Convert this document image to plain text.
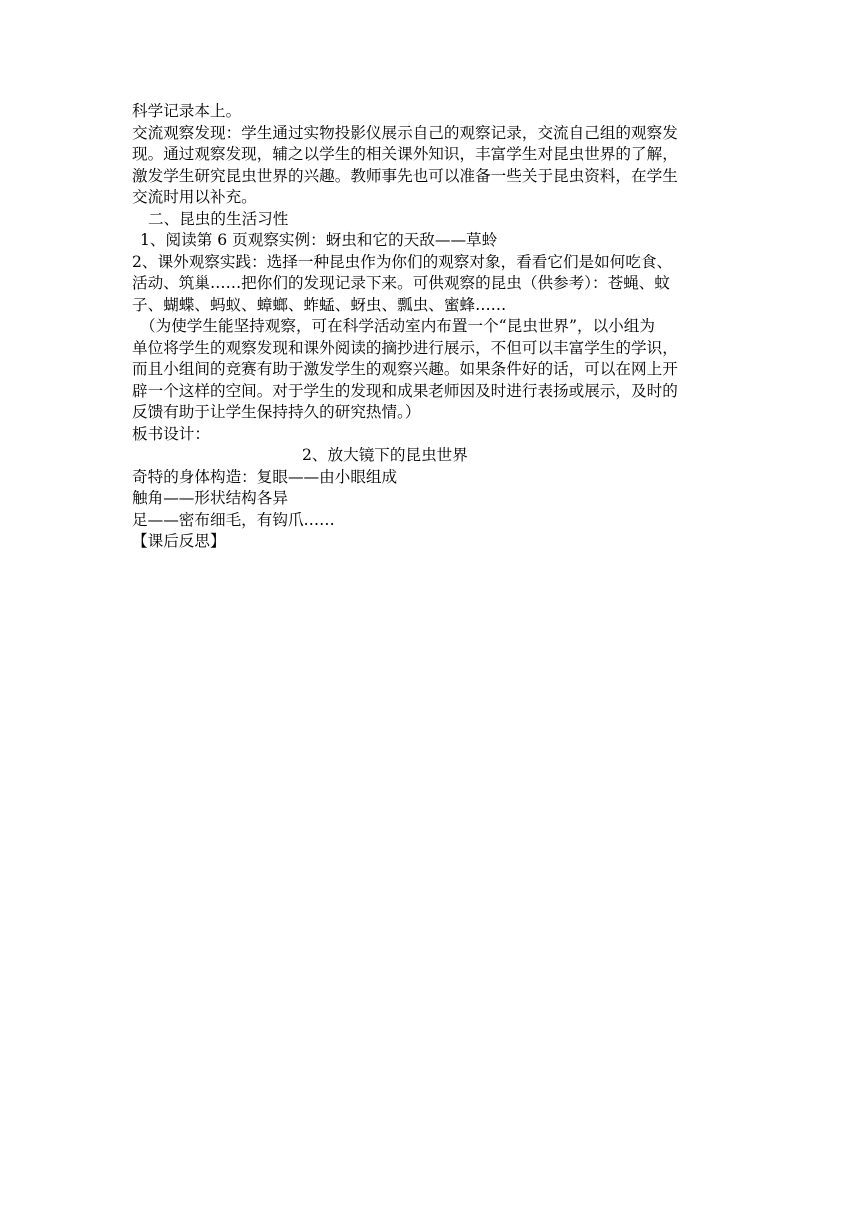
科学记录本上。
交流观察发现：学生通过实物投影仪展示自己的观察记录，交流自己组的观察发
现。通过观察发现，辅之以学生的相关课外知识，丰富学生对昆虫世界的了解，
激发学生研究昆虫世界的兴趣。教师事先也可以准备一些关于昆虫资料，在学生
交流时用以补充。
二、昆虫的生活习性
1、阅读第 6 页观察实例：蚜虫和它的天敌——草蛉
2、课外观察实践：选择一种昆虫作为你们的观察对象，看看它们是如何吃食、
活动、筑巢……把你们的发现记录下来。可供观察的昆虫（供参考）：苍蝇、蚊
子、蝴蝶、蚂蚁、蟑螂、蚱蜢、蚜虫、瓢虫、蜜蜂……
（为使学生能坚持观察，可在科学活动室内布置一个“昆虫世界”，以小组为
单位将学生的观察发现和课外阅读的摘抄进行展示，不但可以丰富学生的学识，
而且小组间的竞赛有助于激发学生的观察兴趣。如果条件好的话，可以在网上开
辟一个这样的空间。对于学生的发现和成果老师因及时进行表扬或展示，及时的
反馈有助于让学生保持持久的研究热情。）
板书设计：
2、放大镜下的昆虫世界
奇特的身体构造：复眼——由小眼组成
触角——形状结构各异
足——密布细毛，有钩爪……
【课后反思】
